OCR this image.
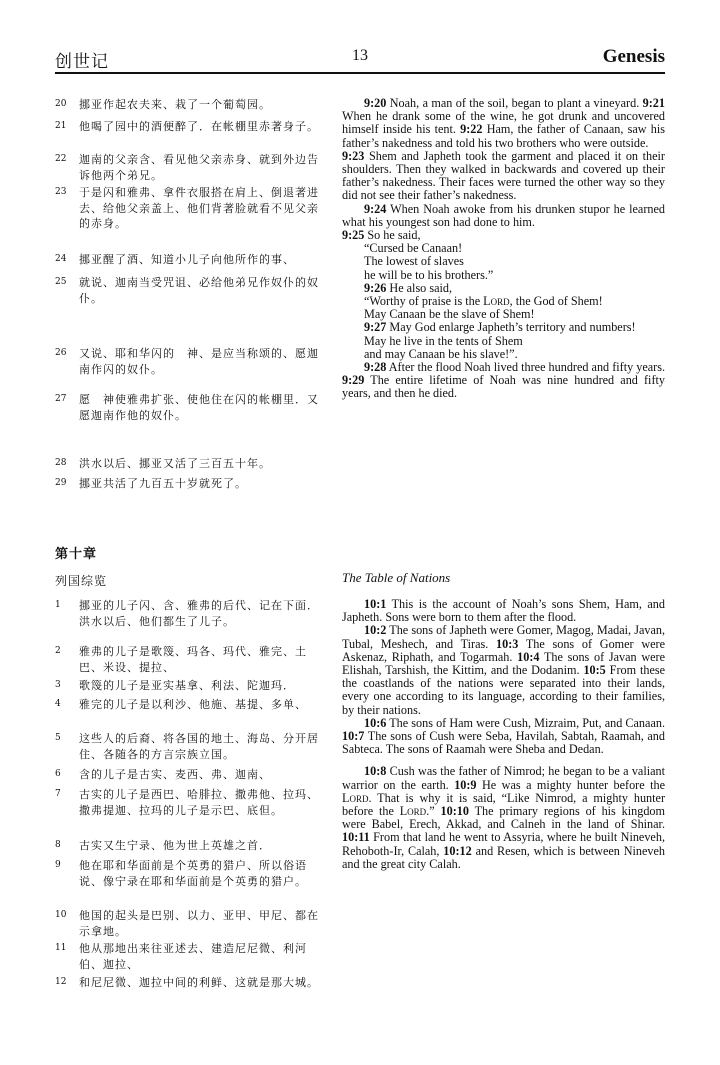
创世记	13	Genesis
20 挪亚作起农夫来、栽了一个葡萄园。
21 他喝了园中的酒便醉了．在帐棚里赤著身子。
22 迦南的父亲含、看见他父亲赤身、就到外边告诉他两个弟兄。
23 于是闪和雅弗、拿件衣服搭在肩上、倒退著进去、给他父亲盖上、他们背著脸就看不见父亲的赤身。
24 挪亚醒了酒、知道小儿子向他所作的事、
25 就说、迦南当受咒诅、必给他弟兄作奴仆的奴仆。
26 又说、耶和华闪的　神、是应当称颂的、愿迦南作闪的奴仆。
27 愿　神使雅弗扩张、使他住在闪的帐棚里．又愿迦南作他的奴仆。
28 洪水以后、挪亚又活了三百五十年。
29 挪亚共活了九百五十岁就死了。

9:20 Noah, a man of the soil, began to plant a vineyard. 9:21 When he drank some of the wine, he got drunk and uncovered himself inside his tent. 9:22 Ham, the father of Canaan, saw his father’s nakedness and told his two brothers who were outside.

9:23 Shem and Japheth took the garment and placed it on their shoulders. Then they walked in backwards and covered up their father’s nakedness. Their faces were turned the other way so they did not see their father’s nakedness.

9:24 When Noah awoke from his drunken stupor he learned what his youngest son had done to him.

9:25 So he said,

“Cursed be Canaan!
The lowest of slaves
he will be to his brothers.”
9:26 He also said,
“Worthy of praise is the Lord, the God of Shem!
May Canaan be the slave of Shem!
9:27 May God enlarge Japheth’s territory and numbers!
May he live in the tents of Shem
and may Canaan be his slave!”.

9:28 After the flood Noah lived three hundred and fifty years. 9:29 The entire lifetime of Noah was nine hundred and fifty years, and then he died.

第十章
列国综览	The Table of Nations
1 挪亚的儿子闪、含、雅弗的后代、记在下面．洪水以后、他们都生了儿子。
2 雅弗的儿子是歌篾、玛各、玛代、雅完、土巴、米设、提拉、
3 歌篾的儿子是亚实基拿、利法、陀迦玛．
4 雅完的儿子是以利沙、他施、基提、多单、
5 这些人的后裔、将各国的地土、海岛、分开居住、各随各的方言宗族立国。
6 含的儿子是古实、麦西、弗、迦南、
7 古实的儿子是西巴、哈腓拉、撒弗他、拉玛、撒弗提迦、拉玛的儿子是示巴、底但。
8 古实又生宁录、他为世上英雄之首．
9 他在耶和华面前是个英勇的猎户、所以俗语说、像宁录在耶和华面前是个英勇的猎户。
10 他国的起头是巴别、以力、亚甲、甲尼、都在示拿地。
11 他从那地出来往亚述去、建造尼尼微、利河伯、迦拉、
12 和尼尼微、迦拉中间的利鲜、这就是那大城。

10:1 This is the account of Noah’s sons Shem, Ham, and Japheth. Sons were born to them after the flood.

10:2 The sons of Japheth were Gomer, Magog, Madai, Javan, Tubal, Meshech, and Tiras. 10:3 The sons of Gomer were Askenaz, Riphath, and Togarmah. 10:4 The sons of Javan were Elishah, Tarshish, the Kittim, and the Dodanim. 10:5 From these the coastlands of the nations were separated into their lands, every one according to its language, according to their families, by their nations.

10:6 The sons of Ham were Cush, Mizraim, Put, and Canaan. 10:7 The sons of Cush were Seba, Havilah, Sabtah, Raamah, and Sabteca. The sons of Raamah were Sheba and Dedan.

10:8 Cush was the father of Nimrod; he began to be a valiant warrior on the earth. 10:9 He was a mighty hunter before the Lord. That is why it is said, “Like Nimrod, a mighty hunter before the Lord.” 10:10 The primary regions of his kingdom were Babel, Erech, Akkad, and Calneh in the land of Shinar. 10:11 From that land he went to Assyria, where he built Nineveh, Rehoboth-Ir, Calah, 10:12 and Resen, which is between Nineveh and the great city Calah.
